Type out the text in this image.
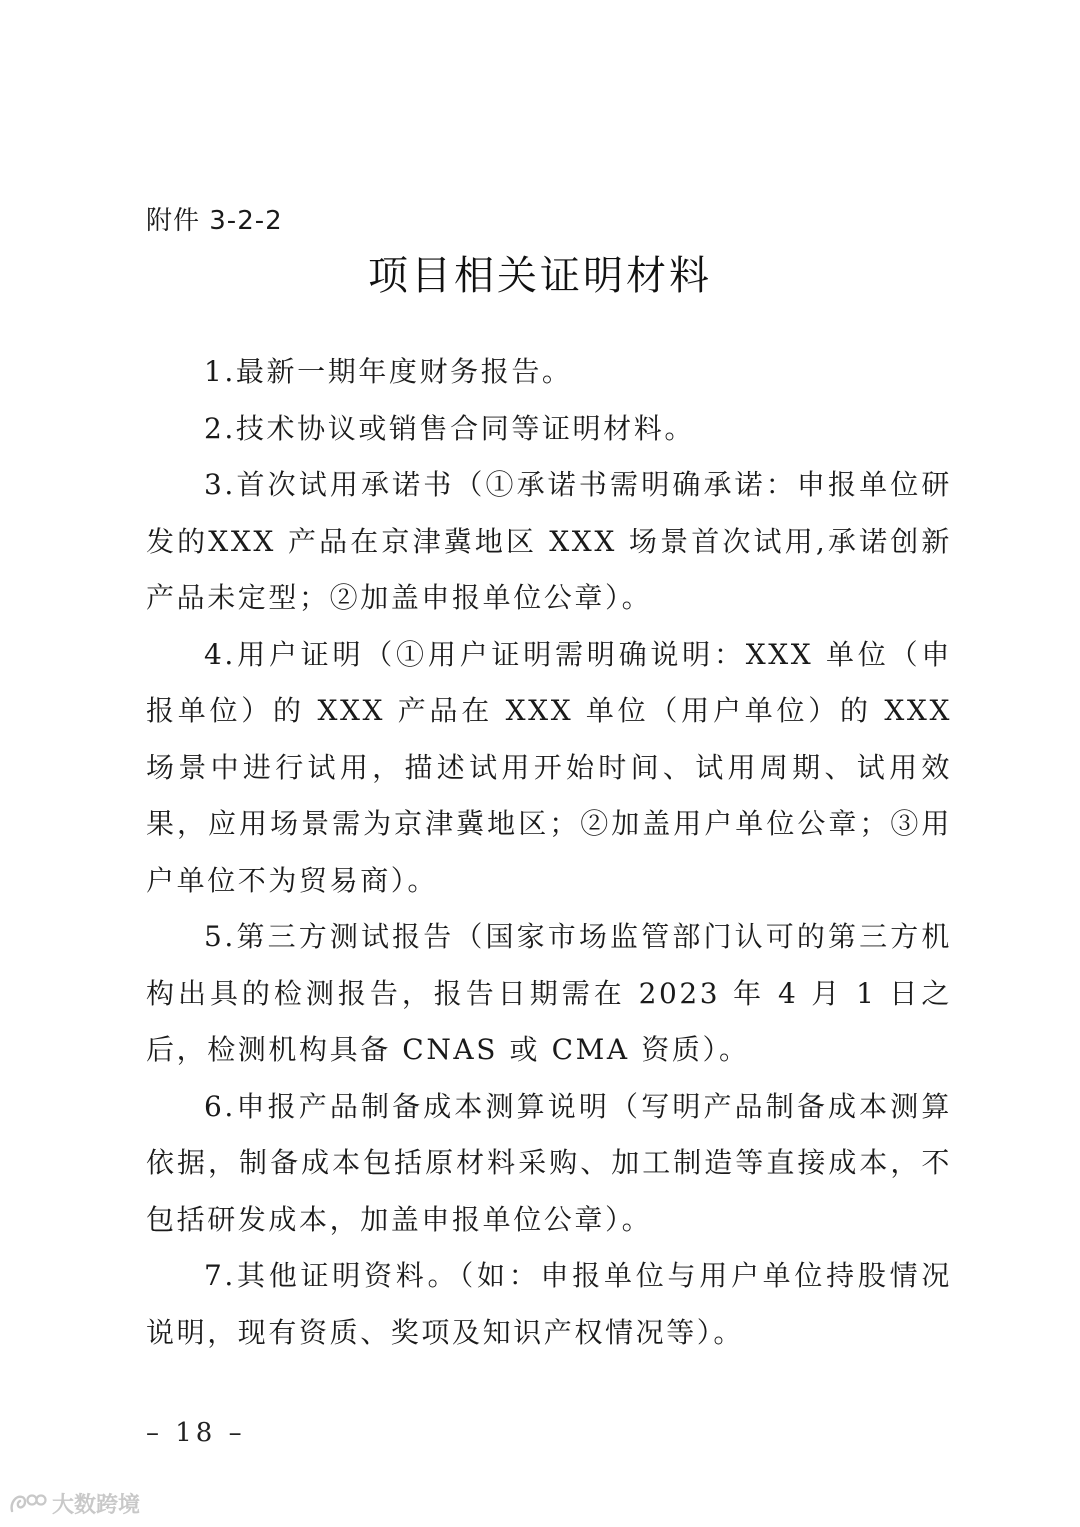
附件 3-2-2
项目相关证明材料

1.最新一期年度财务报告。

2.技术协议或销售合同等证明材料。

3.首次试用承诺书（①承诺书需明确承诺：申报单位研发的XXX 产品在京津冀地区 XXX 场景首次试用,承诺创新产品未定型；②加盖申报单位公章）。

4.用户证明（①用户证明需明确说明：XXX 单位（申报单位）的 XXX 产品在 XXX 单位（用户单位）的 XXX 场景中进行试用，描述试用开始时间、试用周期、试用效果，应用场景需为京津冀地区；②加盖用户单位公章；③用户单位不为贸易商）。

5.第三方测试报告（国家市场监管部门认可的第三方机构出具的检测报告，报告日期需在 2023 年 4 月 1 日之后，检测机构具备 CNAS 或 CMA 资质）。

6.申报产品制备成本测算说明（写明产品制备成本测算依据，制备成本包括原材料采购、加工制造等直接成本，不包括研发成本，加盖申报单位公章）。

7.其他证明资料。（如：申报单位与用户单位持股情况说明，现有资质、奖项及知识产权情况等）。

– 18 –
大数跨境
